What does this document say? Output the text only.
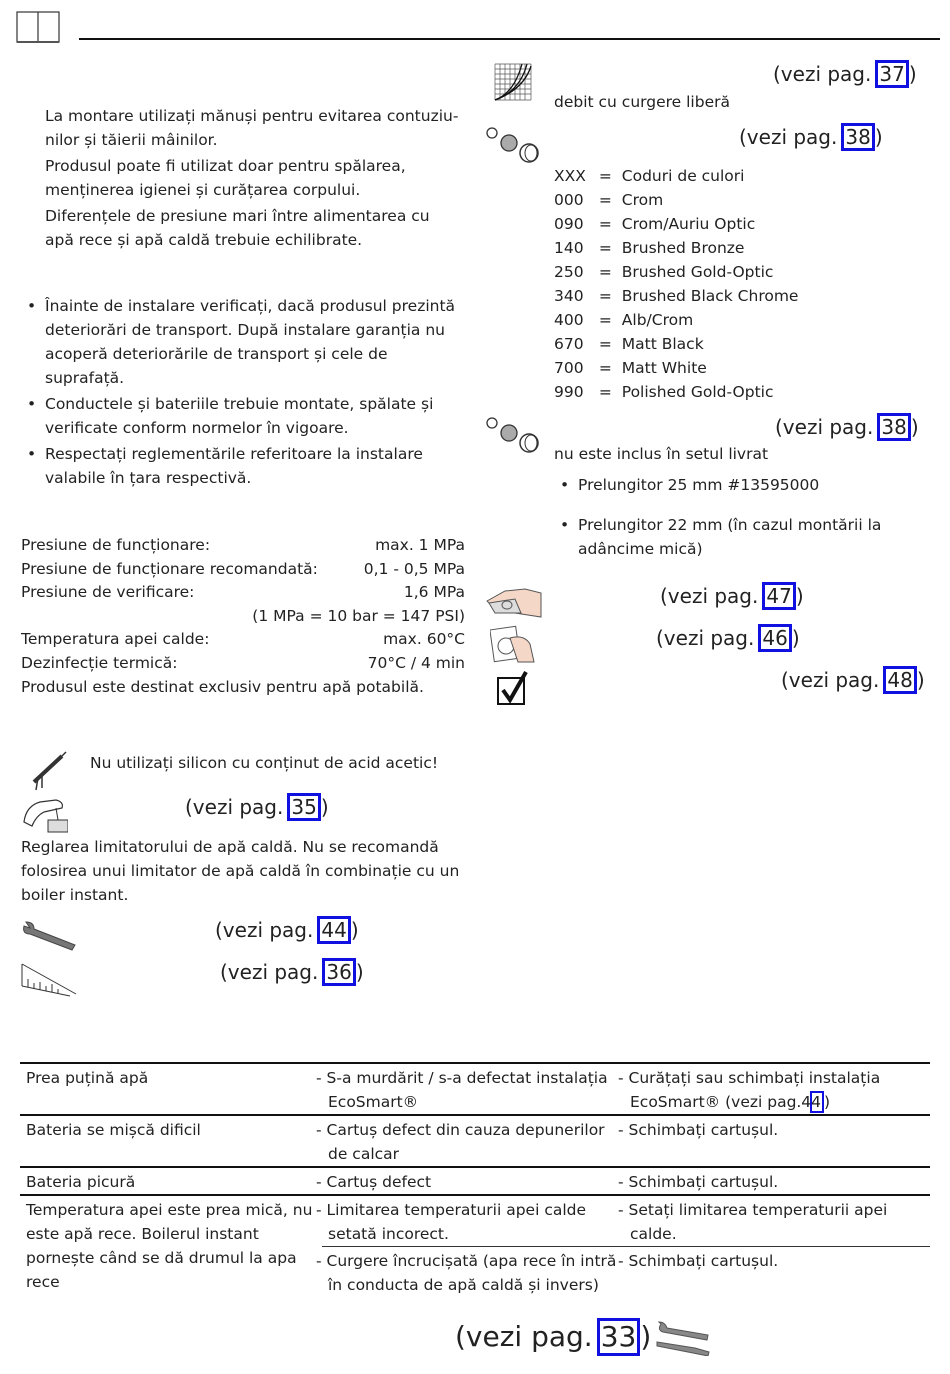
La montare utilizați mănuși pentru evitarea contuziu-
nilor și tăierii mâinilor.
Produsul poate fi utilizat doar pentru spălarea,
menținerea igienei și curățarea corpului.
Diferențele de presiune mari între alimentarea cu
apă rece și apă caldă trebuie echilibrate.
• Înainte de instalare verificați, dacă produsul prezintă deteriorări de transport. După instalare garanția nu acoperă deteriorările de transport și cele de suprafață.
• Conductele și bateriile trebuie montate, spălate și verificate conform normelor în vigoare.
• Respectați reglementările referitoare la instalare valabile în țara respectivă.
Presiune de funcționare:	max. 1 MPa
Presiune de funcționare recomandată:	0,1 - 0,5 MPa
Presiune de verificare:	1,6 MPa
(1 MPa = 10 bar = 147 PSI)
Temperatura apei calde:	max. 60°C
Dezinfecție termică:	70°C / 4 min
Produsul este destinat exclusiv pentru apă potabilă.
Nu utilizați silicon cu conținut de acid acetic!
(vezi pag. 35 )
Reglarea limitatorului de apă caldă. Nu se recomandă folosirea unui limitator de apă caldă în combinație cu un boiler instant.
(vezi pag. 44 )
(vezi pag. 36 )
(vezi pag. 37 )
debit cu curgere liberă
(vezi pag. 38 )
XXX =  Coduri de culori
000 =  Crom
090 =  Crom/Auriu Optic
140 =  Brushed Bronze
250 =  Brushed Gold-Optic
340 =  Brushed Black Chrome
400 =  Alb/Crom
670 =  Matt Black
700 =  Matt White
990 =  Polished Gold-Optic
(vezi pag. 38 )
nu este inclus în setul livrat
• Prelungitor 25 mm #13595000
• Prelungitor 22 mm (în cazul montării la adâncime mică)
(vezi pag. 47 )
(vezi pag. 46 )
(vezi pag. 48 )
Prea puțină apă	- S-a murdărit / s-a defectat instalația EcoSmart®	- Curățați sau schimbați instalația EcoSmart® (vezi pag. 44 )
Bateria se mișcă dificil	- Cartuș defect din cauza depunerilor de calcar	- Schimbați cartușul.
Bateria picură	- Cartuș defect	- Schimbați cartușul.
Temperatura apei este prea mică, nu este apă rece. Boilerul instant pornește când se dă drumul la apa rece	- Limitarea temperaturii apei calde setată incorect.	- Setați limitarea temperaturii apei calde.
	- Curgere încrucișată (apa rece în intră în conducta de apă caldă și invers)	- Schimbați cartușul.
(vezi pag. 33 )
